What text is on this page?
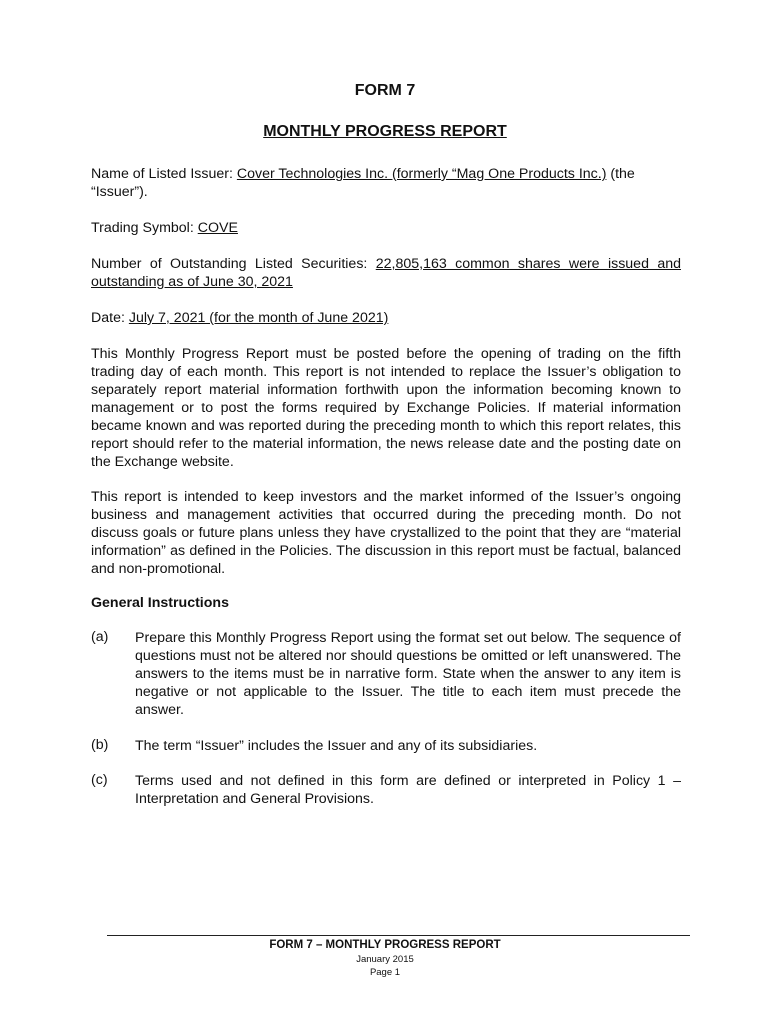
FORM 7
MONTHLY PROGRESS REPORT
Name of Listed Issuer: Cover Technologies Inc. (formerly “Mag One Products Inc.) (the “Issuer”).
Trading Symbol: COVE
Number of Outstanding Listed Securities: 22,805,163 common shares were issued and outstanding as of June 30, 2021
Date: July 7, 2021 (for the month of June 2021)
This Monthly Progress Report must be posted before the opening of trading on the fifth trading day of each month. This report is not intended to replace the Issuer’s obligation to separately report material information forthwith upon the information becoming known to management or to post the forms required by Exchange Policies. If material information became known and was reported during the preceding month to which this report relates, this report should refer to the material information, the news release date and the posting date on the Exchange website.
This report is intended to keep investors and the market informed of the Issuer’s ongoing business and management activities that occurred during the preceding month. Do not discuss goals or future plans unless they have crystallized to the point that they are “material information” as defined in the Policies. The discussion in this report must be factual, balanced and non-promotional.
General Instructions
(a) Prepare this Monthly Progress Report using the format set out below. The sequence of questions must not be altered nor should questions be omitted or left unanswered. The answers to the items must be in narrative form. State when the answer to any item is negative or not applicable to the Issuer. The title to each item must precede the answer.
(b) The term “Issuer” includes the Issuer and any of its subsidiaries.
(c) Terms used and not defined in this form are defined or interpreted in Policy 1 – Interpretation and General Provisions.
FORM 7 – MONTHLY PROGRESS REPORT
January 2015
Page 1
